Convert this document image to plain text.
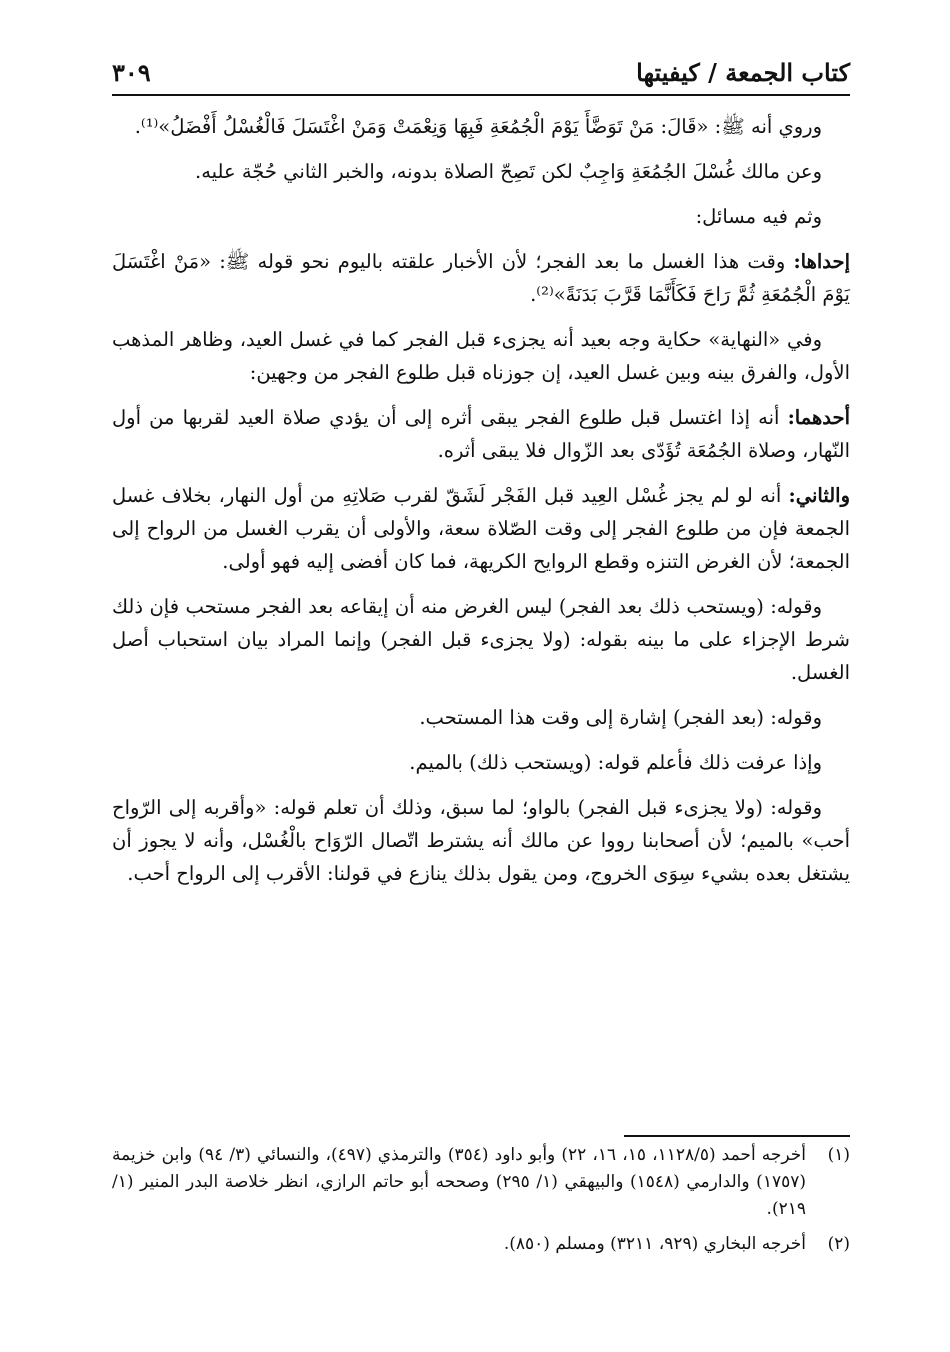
كتاب الجمعة / كيفيتها
٣٠٩

وروي أنه ﷺ: «قَالَ: مَنْ تَوَضَّأَ يَوْمَ الْجُمُعَةِ فَبِهَا وَنِعْمَتْ وَمَنْ اغْتَسَلَ فَالْغُسْلُ أَفْضَلُ»⁽¹⁾.

وعن مالك غُسْلَ الجُمُعَةِ وَاجِبٌ لكن تَصِحّ الصلاة بدونه، والخبر الثاني حُجّة عليه.

وثم فيه مسائل:

إحداها: وقت هذا الغسل ما بعد الفجر؛ لأن الأخبار علقته باليوم نحو قوله ﷺ: «مَنْ اغْتَسَلَ يَوْمَ الْجُمُعَةِ ثُمَّ رَاحَ فَكَأَنَّمَا قَرَّبَ بَدَنَةً»⁽²⁾.

وفي «النهاية» حكاية وجه بعيد أنه يجزىء قبل الفجر كما في غسل العيد، وظاهر المذهب الأول، والفرق بينه وبين غسل العيد، إن جوزناه قبل طلوع الفجر من وجهين:

أحدهما: أنه إذا اغتسل قبل طلوع الفجر يبقى أثره إلى أن يؤدي صلاة العيد لقربها من أول النّهار، وصلاة الجُمُعَة تُؤَدّى بعد الزّوال فلا يبقى أثره.

والثاني: أنه لو لم يجز غُسْل العِيد قبل الفَجْر لَشَقّ لقرب صَلاتِهِ من أول النهار، بخلاف غسل الجمعة فإن من طلوع الفجر إلى وقت الصّلاة سعة، والأولى أن يقرب الغسل من الرواح إلى الجمعة؛ لأن الغرض التنزه وقطع الروايح الكريهة، فما كان أفضى إليه فهو أولى.

وقوله: (ويستحب ذلك بعد الفجر) ليس الغرض منه أن إيقاعه بعد الفجر مستحب فإن ذلك شرط الإجزاء على ما بينه بقوله: (ولا يجزىء قبل الفجر) وإنما المراد بيان استحباب أصل الغسل.

وقوله: (بعد الفجر) إشارة إلى وقت هذا المستحب.

وإذا عرفت ذلك فأعلم قوله: (ويستحب ذلك) بالميم.

وقوله: (ولا يجزىء قبل الفجر) بالواو؛ لما سبق، وذلك أن تعلم قوله: «وأقربه إلى الرّواح أحب» بالميم؛ لأن أصحابنا رووا عن مالك أنه يشترط اتّصال الرّوَاح بالْغُسْل، وأنه لا يجوز أن يشتغل بعده بشيء سِوَى الخروج، ومن يقول بذلك ينازع في قولنا: الأقرب إلى الرواح أحب.

(١)
أخرجه أحمد (١١٢٨/٥، ١٥، ١٦، ٢٢) وأبو داود (٣٥٤) والترمذي (٤٩٧)، والنسائي (٣/ ٩٤) وابن خزيمة (١٧٥٧) والدارمي (١٥٤٨) والبيهقي (١/ ٢٩٥) وصححه أبو حاتم الرازي، انظر خلاصة البدر المنير (١/ ٢١٩).
(٢)
أخرجه البخاري (٩٢٩، ٣٢١١) ومسلم (٨٥٠).
